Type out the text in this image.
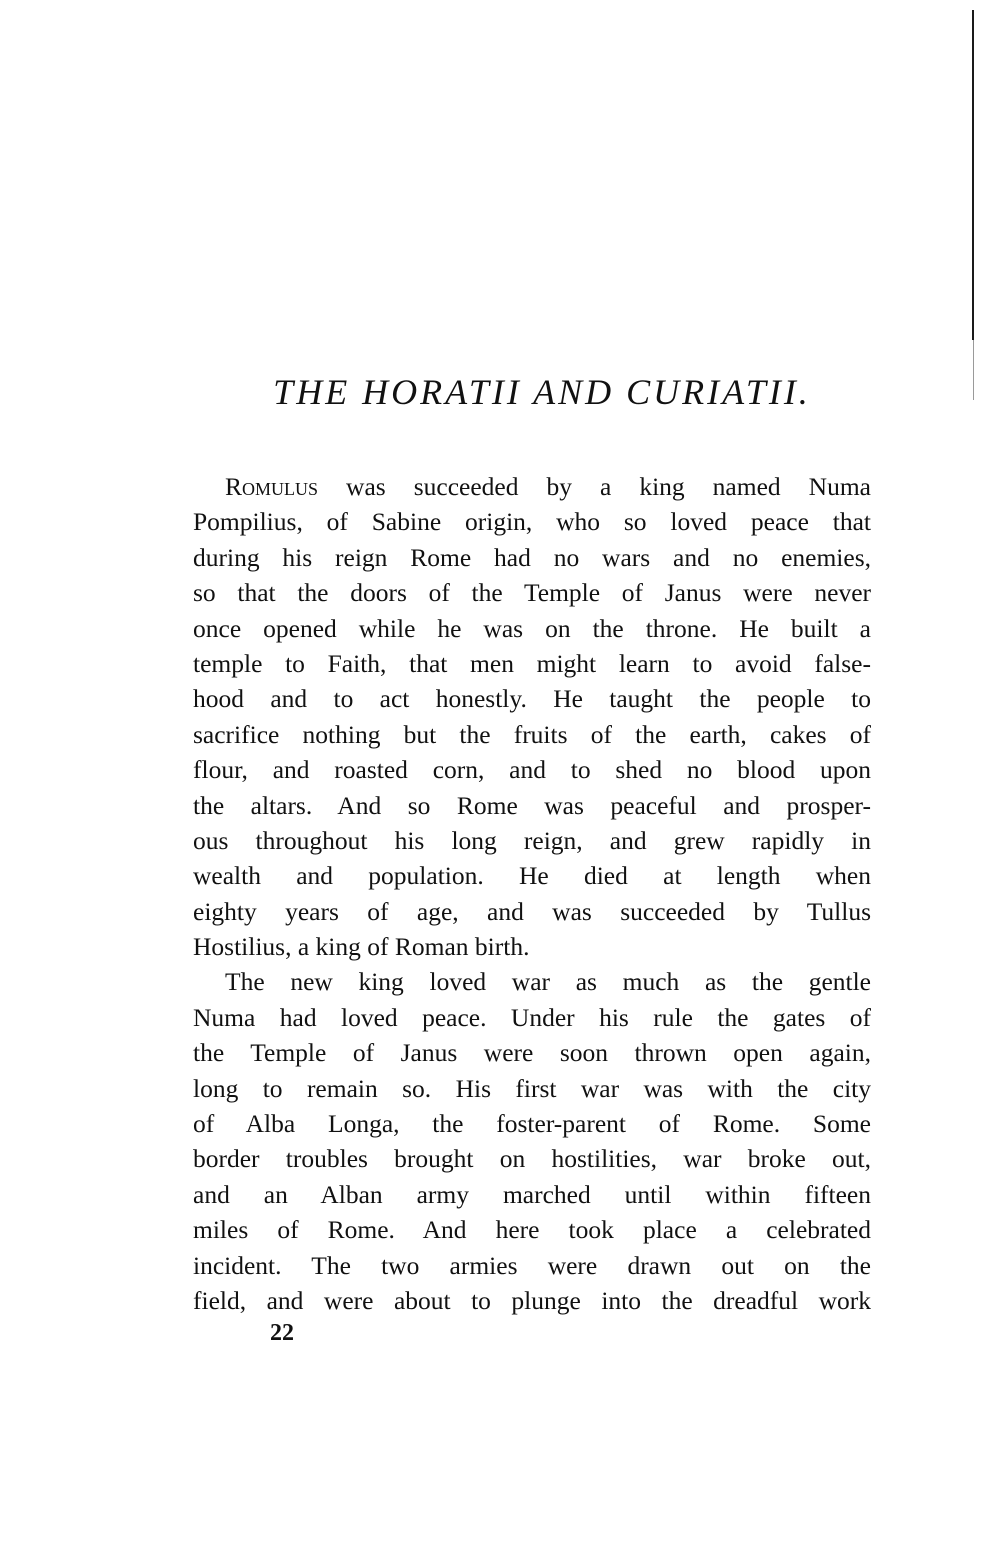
THE HORATII AND CURIATII.
Romulus was succeeded by a king named Numa
Pompilius, of Sabine origin, who so loved peace that
during his reign Rome had no wars and no enemies,
so that the doors of the Temple of Janus were never
once opened while he was on the throne. He built a
temple to Faith, that men might learn to avoid false-
hood and to act honestly. He taught the people to
sacrifice nothing but the fruits of the earth, cakes of
flour, and roasted corn, and to shed no blood upon
the altars. And so Rome was peaceful and prosper-
ous throughout his long reign, and grew rapidly in
wealth and population. He died at length when
eighty years of age, and was succeeded by Tullus
Hostilius, a king of Roman birth.
The new king loved war as much as the gentle
Numa had loved peace. Under his rule the gates of
the Temple of Janus were soon thrown open again,
long to remain so. His first war was with the city
of Alba Longa, the foster-parent of Rome. Some
border troubles brought on hostilities, war broke out,
and an Alban army marched until within fifteen
miles of Rome. And here took place a celebrated
incident. The two armies were drawn out on the
field, and were about to plunge into the dreadful work

22
